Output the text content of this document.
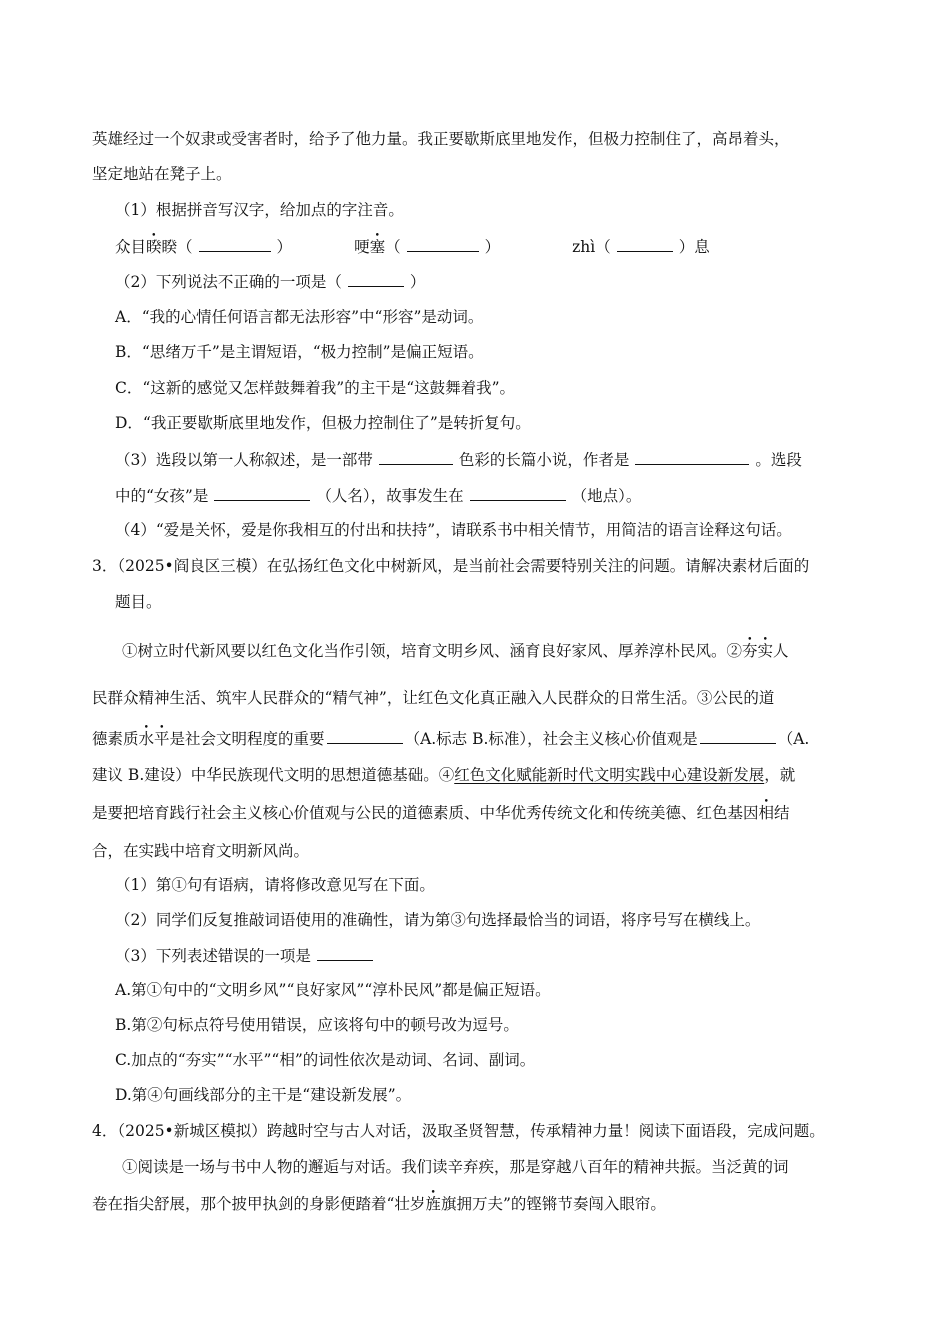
英雄经过一个奴隶或受害者时，给予了他力量。我正要歇斯底里地发作，但极力控制住了，高昂着头，
坚定地站在凳子上。
（1）根据拼音写汉字，给加点的字注音。
众目睽睽（	）	哽塞（	）	zhì（	）息
（2）下列说法不正确的一项是（	）
A．“我的心情任何语言都无法形容”中“形容”是动词。
B．“思绪万千”是主谓短语，“极力控制”是偏正短语。
C．“这新的感觉又怎样鼓舞着我”的主干是“这鼓舞着我”。
D．“我正要歇斯底里地发作，但极力控制住了”是转折复句。
（3）选段以第一人称叙述，是一部带	色彩的长篇小说，作者是	。选段
中的“女孩”是	（人名），故事发生在	（地点）。
（4）“爱是关怀，爱是你我相互的付出和扶持”，请联系书中相关情节，用简洁的语言诠释这句话。
3．（2025•阎良区三模）在弘扬红色文化中树新风，是当前社会需要特别关注的问题。请解决素材后面的
题目。
①树立时代新风要以红色文化当作引领，培育文明乡风、涵育良好家风、厚养淳朴民风。②夯实人
民群众精神生活、筑牢人民群众的“精气神”，让红色文化真正融入人民群众的日常生活。③公民的道
德素质水平是社会文明程度的重要	（A.标志 B.标准），社会主义核心价值观是	（A.
建议 B.建设）中华民族现代文明的思想道德基础。④红色文化赋能新时代文明实践中心建设新发展，就
是要把培育践行社会主义核心价值观与公民的道德素质、中华优秀传统文化和传统美德、红色基因相结
合，在实践中培育文明新风尚。
（1）第①句有语病，请将修改意见写在下面。
（2）同学们反复推敲词语使用的准确性，请为第③句选择最恰当的词语，将序号写在横线上。
（3）下列表述错误的一项是
A.第①句中的“文明乡风”“良好家风”“淳朴民风”都是偏正短语。
B.第②句标点符号使用错误，应该将句中的顿号改为逗号。
C.加点的“夯实”“水平”“相”的词性依次是动词、名词、副词。
D.第④句画线部分的主干是“建设新发展”。
4．（2025•新城区模拟）跨越时空与古人对话，汲取圣贤智慧，传承精神力量！阅读下面语段，完成问题。
①阅读是一场与书中人物的邂逅与对话。我们读辛弃疾，那是穿越八百年的精神共振。当泛黄的词
卷在指尖舒展，那个披甲执剑的身影便踏着“壮岁旌旗拥万夫”的铿锵节奏闯入眼帘。
